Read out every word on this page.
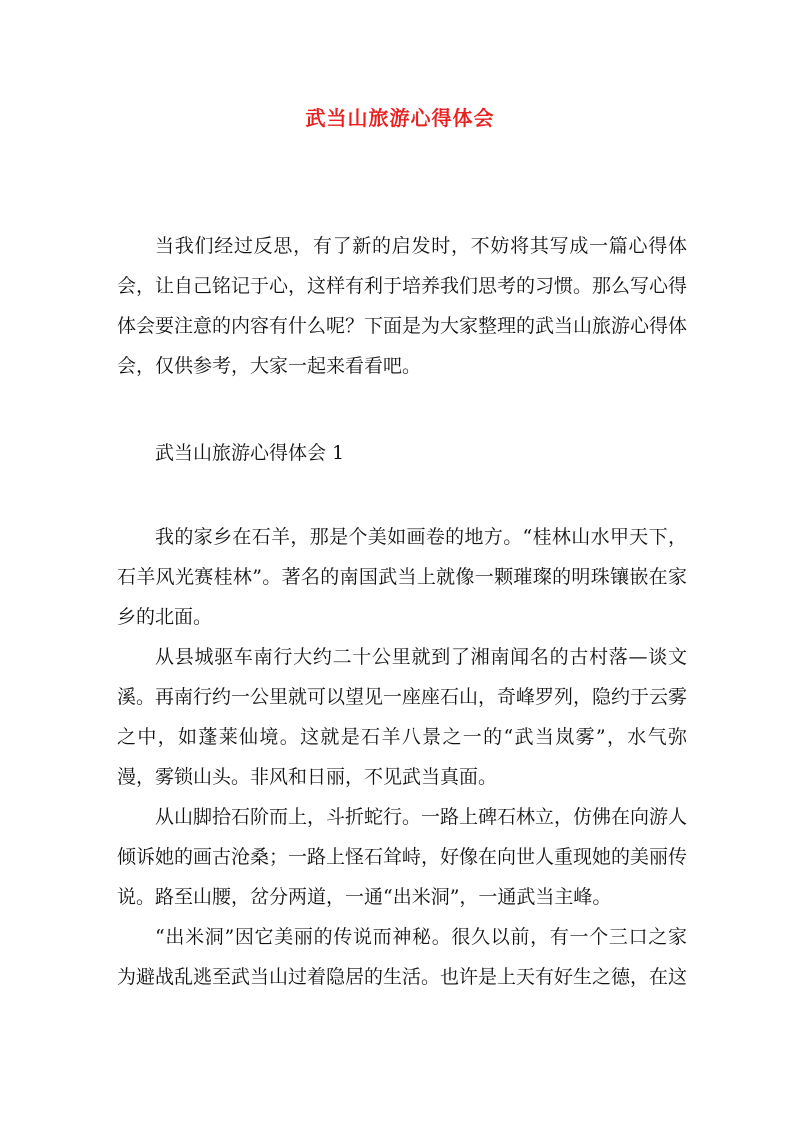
武当山旅游心得体会

当我们经过反思，有了新的启发时，不妨将其写成一篇心得体会，让自己铭记于心，这样有利于培养我们思考的习惯。那么写心得体会要注意的内容有什么呢？下面是为大家整理的武当山旅游心得体会，仅供参考，大家一起来看看吧。

武当山旅游心得体会 1

我的家乡在石羊，那是个美如画卷的地方。“桂林山水甲天下，石羊风光赛桂林”。著名的南国武当上就像一颗璀璨的明珠镶嵌在家乡的北面。

从县城驱车南行大约二十公里就到了湘南闻名的古村落—谈文溪。再南行约一公里就可以望见一座座石山，奇峰罗列，隐约于云雾之中，如蓬莱仙境。这就是石羊八景之一的“武当岚雾”，水气弥漫，雾锁山头。非风和日丽，不见武当真面。

从山脚拾石阶而上，斗折蛇行。一路上碑石林立，仿佛在向游人倾诉她的画古沧桑；一路上怪石耸峙，好像在向世人重现她的美丽传说。路至山腰，岔分两道，一通“出米洞”，一通武当主峰。

“出米洞”因它美丽的传说而神秘。很久以前，有一个三口之家为避战乱逃至武当山过着隐居的生活。也许是上天有好生之德，在这
